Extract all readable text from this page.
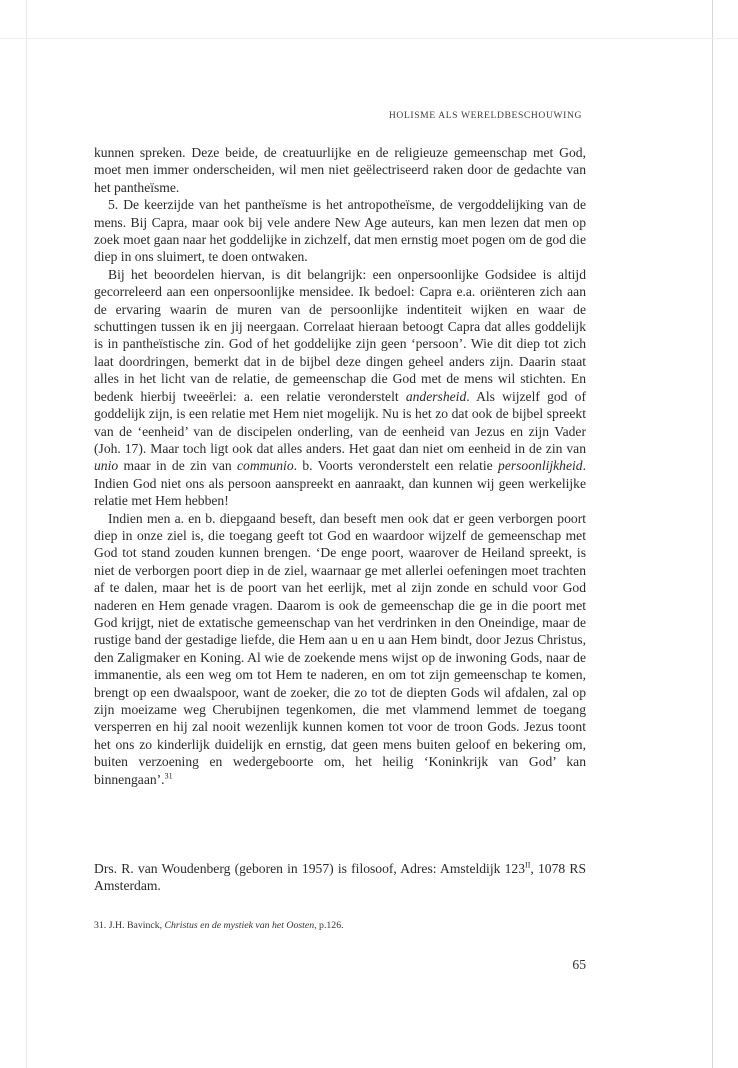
HOLISME ALS WERELDBESCHOUWING

kunnen spreken. Deze beide, de creatuurlijke en de religieuze gemeenschap met God, moet men immer onderscheiden, wil men niet geëlectriseerd raken door de gedachte van het pantheïsme.

5. De keerzijde van het pantheïsme is het antropotheïsme, de vergoddelijking van de mens. Bij Capra, maar ook bij vele andere New Age auteurs, kan men lezen dat men op zoek moet gaan naar het goddelijke in zichzelf, dat men ernstig moet pogen om de god die diep in ons sluimert, te doen ontwaken.

Bij het beoordelen hiervan, is dit belangrijk: een onpersoonlijke Godsidee is altijd gecorreleerd aan een onpersoonlijke mensidee. Ik bedoel: Capra e.a. oriënteren zich aan de ervaring waarin de muren van de persoonlijke indentiteit wijken en waar de schuttingen tussen ik en jij neergaan. Correlaat hieraan betoogt Capra dat alles goddelijk is in pantheïstische zin. God of het goddelijke zijn geen ‘persoon’. Wie dit diep tot zich laat doordringen, bemerkt dat in de bijbel deze dingen geheel anders zijn. Daarin staat alles in het licht van de relatie, de gemeenschap die God met de mens wil stichten. En bedenk hierbij tweeërlei: a. een relatie veronderstelt andersheid. Als wijzelf god of goddelijk zijn, is een relatie met Hem niet mogelijk. Nu is het zo dat ook de bijbel spreekt van de ‘eenheid’ van de discipelen onderling, van de eenheid van Jezus en zijn Vader (Joh. 17). Maar toch ligt ook dat alles anders. Het gaat dan niet om eenheid in de zin van unio maar in de zin van communio. b. Voorts veronderstelt een relatie persoonlijkheid. Indien God niet ons als persoon aanspreekt en aanraakt, dan kunnen wij geen werkelijke relatie met Hem hebben!

Indien men a. en b. diepgaand beseft, dan beseft men ook dat er geen verborgen poort diep in onze ziel is, die toegang geeft tot God en waardoor wijzelf de gemeenschap met God tot stand zouden kunnen brengen. ‘De enge poort, waarover de Heiland spreekt, is niet de verborgen poort diep in de ziel, waarnaar ge met allerlei oefeningen moet trachten af te dalen, maar het is de poort van het eerlijk, met al zijn zonde en schuld voor God naderen en Hem genade vragen. Daarom is ook de gemeenschap die ge in die poort met God krijgt, niet de extatische gemeenschap van het verdrinken in den Oneindige, maar de rustige band der gestadige liefde, die Hem aan u en u aan Hem bindt, door Jezus Christus, den Zaligmaker en Koning. Al wie de zoekende mens wijst op de inwoning Gods, naar de immanentie, als een weg om tot Hem te naderen, en om tot zijn gemeenschap te komen, brengt op een dwaalspoor, want de zoeker, die zo tot de diepten Gods wil afdalen, zal op zijn moeizame weg Cherubijnen tegenkomen, die met vlammend lemmet de toegang versperren en hij zal nooit wezenlijk kunnen komen tot voor de troon Gods. Jezus toont het ons zo kinderlijk duidelijk en ernstig, dat geen mens buiten geloof en bekering om, buiten verzoening en wedergeboorte om, het heilig ‘Koninkrijk van God’ kan binnengaan’.$^{31}$

Drs. R. van Woudenberg (geboren in 1957) is filosoof, Adres: Amsteldijk $123^{II}$, 1078 RS Amsterdam.
31. J.H. Bavinck, Christus en de mystiek van het Oosten, p.126.
65
